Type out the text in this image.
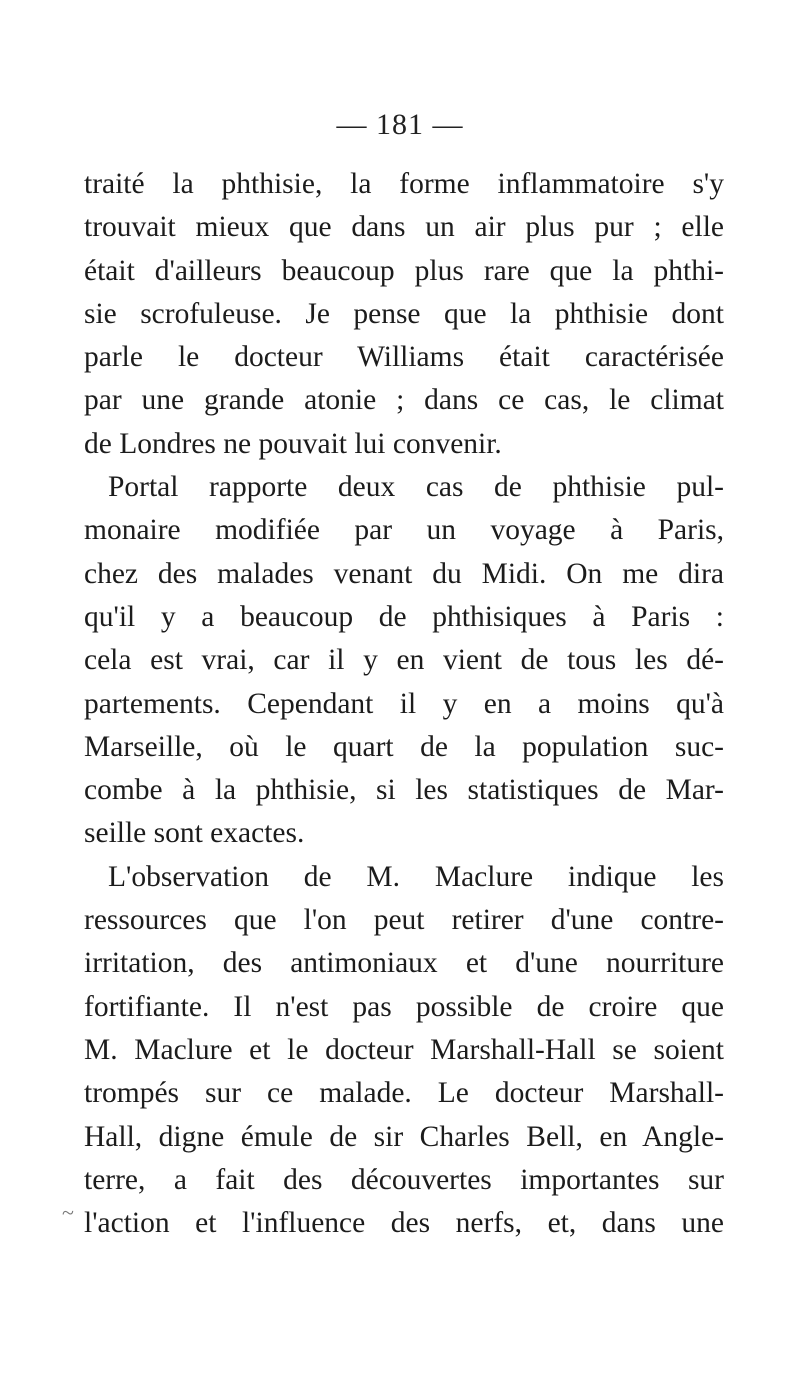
— 181 —
traité la phthisie, la forme inflammatoire s'y
trouvait mieux que dans un air plus pur ; elle
était d'ailleurs beaucoup plus rare que la phthi-
sie scrofuleuse. Je pense que la phthisie dont
parle le docteur Williams était caractérisée
par une grande atonie ; dans ce cas, le climat
de Londres ne pouvait lui convenir.
Portal rapporte deux cas de phthisie pul-
monaire modifiée par un voyage à Paris,
chez des malades venant du Midi. On me dira
qu'il y a beaucoup de phthisiques à Paris :
cela est vrai, car il y en vient de tous les dé-
partements. Cependant il y en a moins qu'à
Marseille, où le quart de la population suc-
combe à la phthisie, si les statistiques de Mar-
seille sont exactes.
L'observation de M. Maclure indique les
ressources que l'on peut retirer d'une contre-
irritation, des antimoniaux et d'une nourriture
fortifiante. Il n'est pas possible de croire que
M. Maclure et le docteur Marshall-Hall se soient
trompés sur ce malade. Le docteur Marshall-
Hall, digne émule de sir Charles Bell, en Angle-
terre, a fait des découvertes importantes sur
l'action et l'influence des nerfs, et, dans une
~
